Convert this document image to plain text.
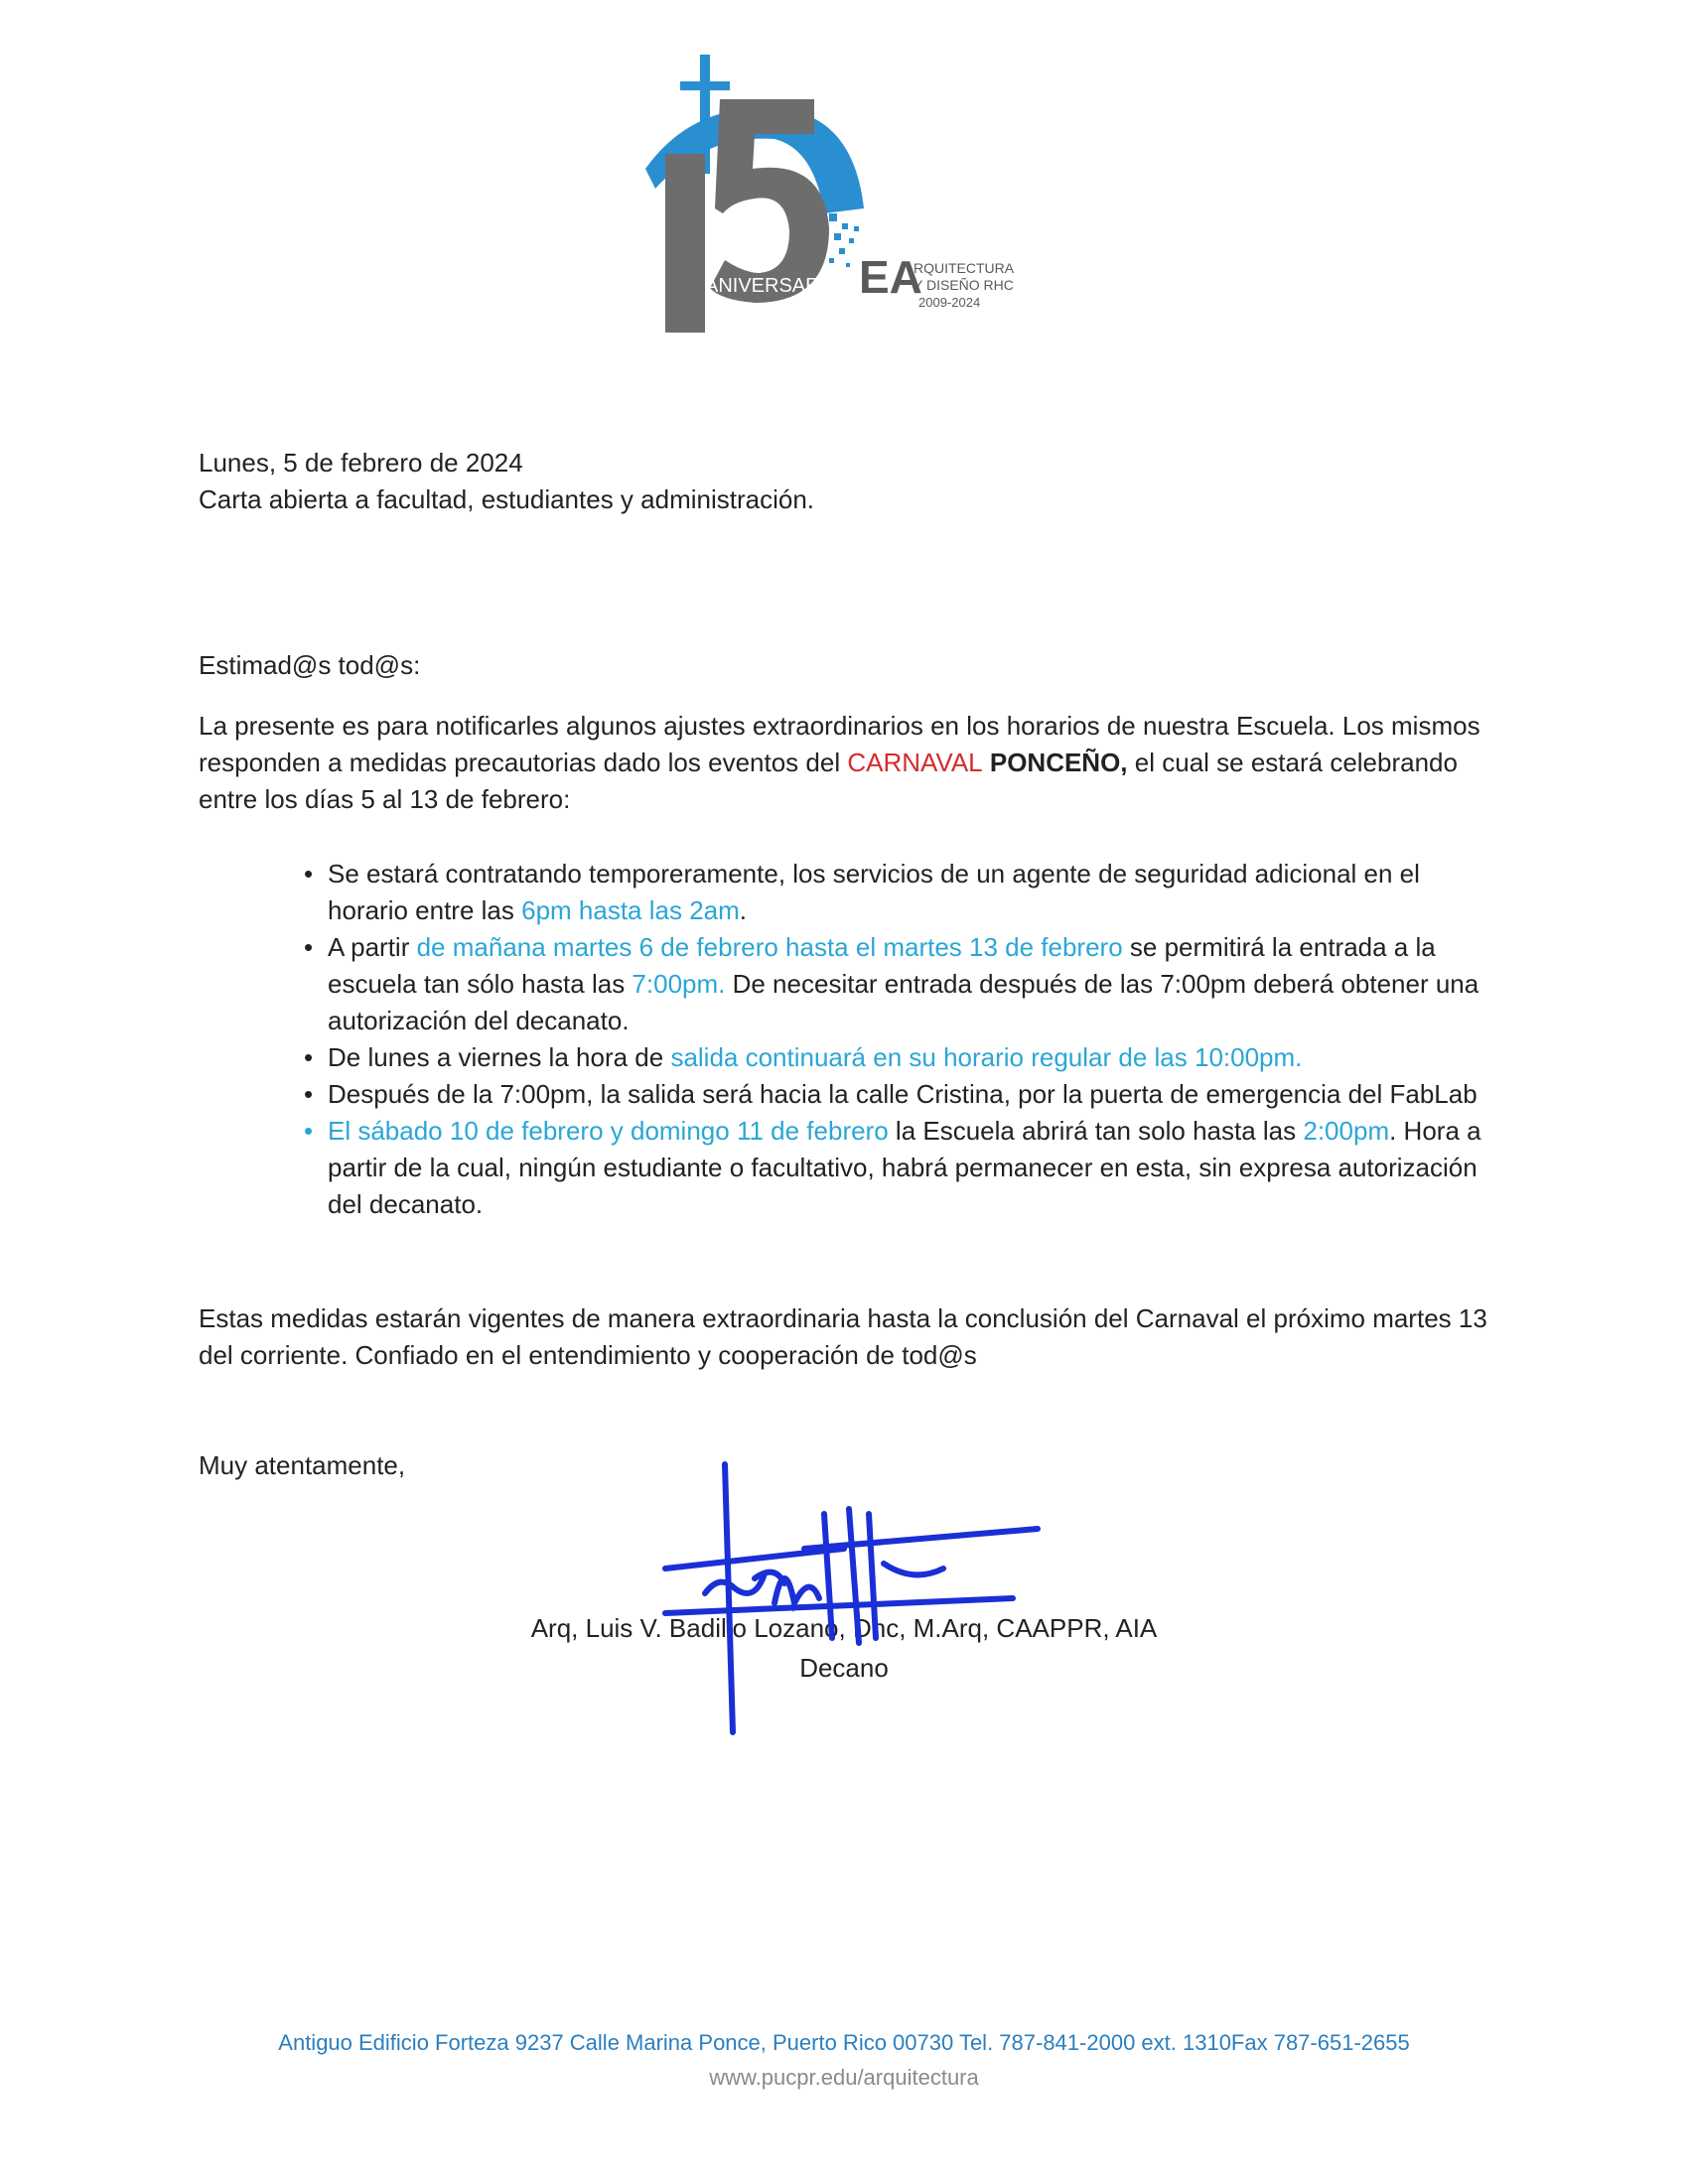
ANIVERSARIO EA
RQUITECTURA
Y DISEÑO RHC
2009-2024
Lunes, 5 de febrero de 2024
Carta abierta a facultad, estudiantes y administración.
Estimad@s tod@s:
La presente es para notificarles algunos ajustes extraordinarios en los horarios de nuestra Escuela. Los mismos responden a medidas precautorias dado los eventos del CARNAVAL PONCEÑO, el cual se estará celebrando entre los días 5 al 13 de febrero:
• Se estará contratando temporeramente, los servicios de un agente de seguridad adicional en el horario entre las 6pm hasta las 2am.
• A partir de mañana martes 6 de febrero hasta el martes 13 de febrero se permitirá la entrada a la escuela tan sólo hasta las 7:00pm. De necesitar entrada después de las 7:00pm deberá obtener una autorización del decanato.
• De lunes a viernes la hora de salida continuará en su horario regular de las 10:00pm.
• Después de la 7:00pm, la salida será hacia la calle Cristina, por la puerta de emergencia del FabLab
• El sábado 10 de febrero y domingo 11 de febrero la Escuela abrirá tan solo hasta las 2:00pm. Hora a partir de la cual, ningún estudiante o facultativo, habrá permanecer en esta, sin expresa autorización del decanato.
Estas medidas estarán vigentes de manera extraordinaria hasta la conclusión del Carnaval el próximo martes 13 del corriente. Confiado en el entendimiento y cooperación de tod@s
Muy atentamente,
Arq, Luis V. Badillo Lozano, Dhc, M.Arq, CAAPPR, AIA
Decano
Antiguo Edificio Forteza 9237 Calle Marina Ponce, Puerto Rico 00730 Tel. 787-841-2000 ext. 1310Fax 787-651-2655
www.pucpr.edu/arquitectura
